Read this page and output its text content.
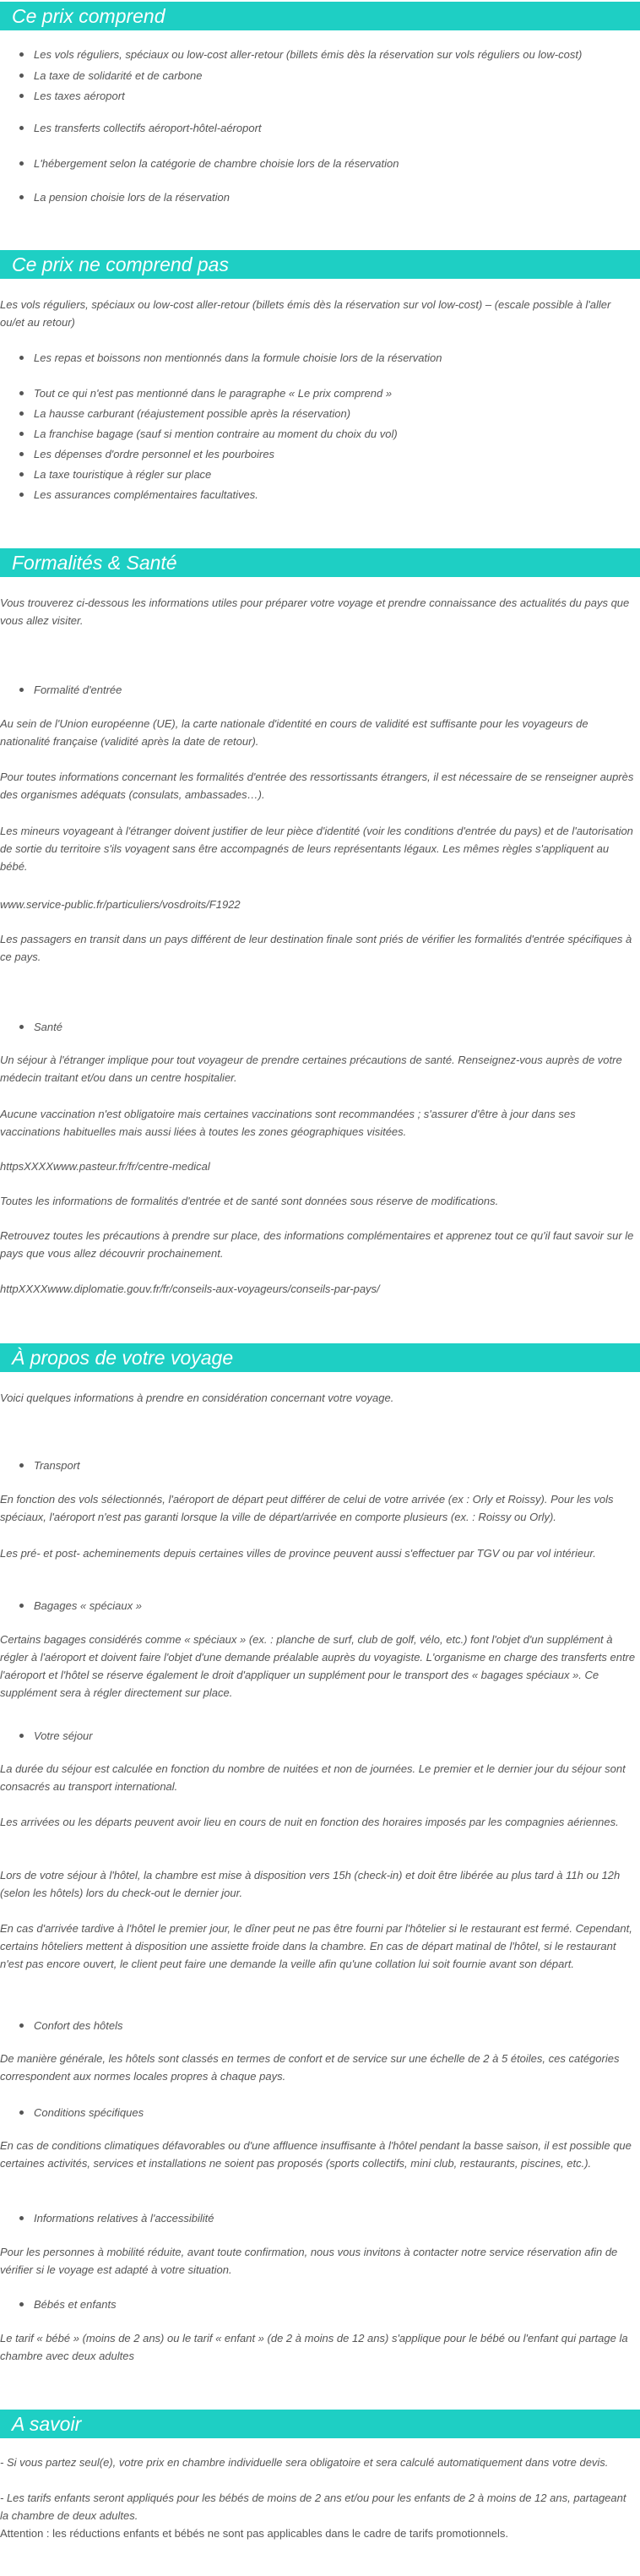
Ce prix comprend
Les vols réguliers, spéciaux ou low-cost aller-retour (billets émis dès la réservation sur vols réguliers ou low-cost)
La taxe de solidarité et de carbone
Les taxes aéroport
Les transferts collectifs aéroport-hôtel-aéroport
L'hébergement selon la catégorie de chambre choisie lors de la réservation
La pension choisie lors de la réservation
Ce prix ne comprend pas

Les vols réguliers, spéciaux ou low-cost aller-retour (billets émis dès la réservation sur vol low-cost) – (escale possible à l'aller ou/et au retour)

Les repas et boissons non mentionnés dans la formule choisie lors de la réservation
Tout ce qui n'est pas mentionné dans le paragraphe « Le prix comprend »
La hausse carburant (réajustement possible après la réservation)
La franchise bagage (sauf si mention contraire au moment du choix du vol)
Les dépenses d'ordre personnel et les pourboires
La taxe touristique à régler sur place
Les assurances complémentaires facultatives.
Formalités & Santé

Vous trouverez ci-dessous les informations utiles pour préparer votre voyage et prendre connaissance des actualités du pays que vous allez visiter.

Formalité d'entrée

Au sein de l'Union européenne (UE), la carte nationale d'identité en cours de validité est suffisante pour les voyageurs de nationalité française (validité après la date de retour).

Pour toutes informations concernant les formalités d'entrée des ressortissants étrangers, il est nécessaire de se renseigner auprès des organismes adéquats (consulats, ambassades…).

Les mineurs voyageant à l'étranger doivent justifier de leur pièce d'identité (voir les conditions d'entrée du pays) et de l'autorisation de sortie du territoire s'ils voyagent sans être accompagnés de leurs représentants légaux. Les mêmes règles s'appliquent au bébé.

www.service-public.fr/particuliers/vosdroits/F1922

Les passagers en transit dans un pays différent de leur destination finale sont priés de vérifier les formalités d'entrée spécifiques à ce pays.

Santé

Un séjour à l'étranger implique pour tout voyageur de prendre certaines précautions de santé. Renseignez-vous auprès de votre médecin traitant et/ou dans un centre hospitalier.

Aucune vaccination n'est obligatoire mais certaines vaccinations sont recommandées ; s'assurer d'être à jour dans ses vaccinations habituelles mais aussi liées à toutes les zones géographiques visitées.

httpsXXXXwww.pasteur.fr/fr/centre-medical

Toutes les informations de formalités d'entrée et de santé sont données sous réserve de modifications.

Retrouvez toutes les précautions à prendre sur place, des informations complémentaires et apprenez tout ce qu'il faut savoir sur le pays que vous allez découvrir prochainement.

httpXXXXwww.diplomatie.gouv.fr/fr/conseils-aux-voyageurs/conseils-par-pays/

À propos de votre voyage

Voici quelques informations à prendre en considération concernant votre voyage.

Transport

En fonction des vols sélectionnés, l'aéroport de départ peut différer de celui de votre arrivée (ex : Orly et Roissy). Pour les vols spéciaux, l'aéroport n'est pas garanti lorsque la ville de départ/arrivée en comporte plusieurs (ex. : Roissy ou Orly).

Les pré- et post- acheminements depuis certaines villes de province peuvent aussi s'effectuer par TGV ou par vol intérieur.

Bagages « spéciaux »

Certains bagages considérés comme « spéciaux » (ex. : planche de surf, club de golf, vélo, etc.) font l'objet d'un supplément à régler à l'aéroport et doivent faire l'objet d'une demande préalable auprès du voyagiste. L'organisme en charge des transferts entre l'aéroport et l'hôtel se réserve également le droit d'appliquer un supplément pour le transport des « bagages spéciaux ». Ce supplément sera à régler directement sur place.

Votre séjour

La durée du séjour est calculée en fonction du nombre de nuitées et non de journées. Le premier et le dernier jour du séjour sont consacrés au transport international.

Les arrivées ou les départs peuvent avoir lieu en cours de nuit en fonction des horaires imposés par les compagnies aériennes.

Lors de votre séjour à l'hôtel, la chambre est mise à disposition vers 15h (check-in) et doit être libérée au plus tard à 11h ou 12h (selon les hôtels) lors du check-out le dernier jour.

En cas d'arrivée tardive à l'hôtel le premier jour, le dîner peut ne pas être fourni par l'hôtelier si le restaurant est fermé. Cependant, certains hôteliers mettent à disposition une assiette froide dans la chambre. En cas de départ matinal de l'hôtel, si le restaurant n'est pas encore ouvert, le client peut faire une demande la veille afin qu'une collation lui soit fournie avant son départ.

Confort des hôtels

De manière générale, les hôtels sont classés en termes de confort et de service sur une échelle de 2 à 5 étoiles, ces catégories correspondent aux normes locales propres à chaque pays.

Conditions spécifiques

En cas de conditions climatiques défavorables ou d'une affluence insuffisante à l'hôtel pendant la basse saison, il est possible que certaines activités, services et installations ne soient pas proposés (sports collectifs, mini club, restaurants, piscines, etc.).

Informations relatives à l'accessibilité

Pour les personnes à mobilité réduite, avant toute confirmation, nous vous invitons à contacter notre service réservation afin de vérifier si le voyage est adapté à votre situation.

Bébés et enfants

Le tarif « bébé » (moins de 2 ans) ou le tarif « enfant » (de 2 à moins de 12 ans) s'applique pour le bébé ou l'enfant qui partage la chambre avec deux adultes

A savoir

- Si vous partez seul(e), votre prix en chambre individuelle sera obligatoire et sera calculé automatiquement dans votre devis.

- Les tarifs enfants seront appliqués pour les bébés de moins de 2 ans et/ou pour les enfants de 2 à moins de 12 ans, partageant la chambre de deux adultes.

Attention : les réductions enfants et bébés ne sont pas applicables dans le cadre de tarifs promotionnels.
